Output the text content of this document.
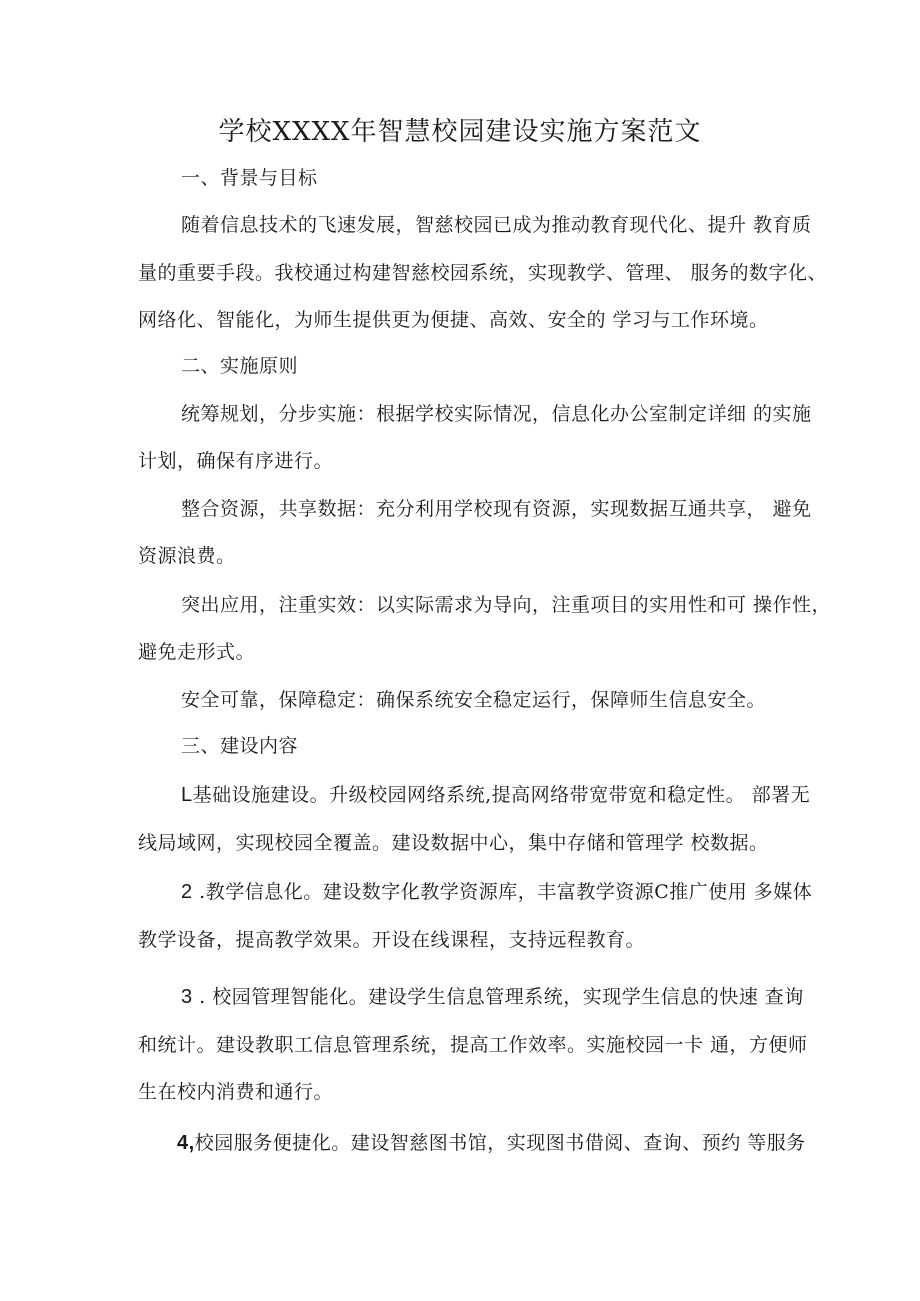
学校XXXX年智慧校园建设实施方案范文
一、背景与目标
随着信息技术的飞速发展，智慈校园已成为推动教育现代化、提升 教育质
量的重要手段。我校通过构建智慈校园系统，实现教学、管理、 服务的数字化、
网络化、智能化，为师生提供更为便捷、高效、安全的 学习与工作环境。
二、实施原则
统筹规划，分步实施：根据学校实际情况，信息化办公室制定详细 的实施
计划，确保有序进行。
整合资源，共享数据：充分利用学校现有资源，实现数据互通共享， 避免
资源浪费。
突出应用，注重实效：以实际需求为导向，注重项目的实用性和可 操作性，
避免走形式。
安全可靠，保障稳定：确保系统安全稳定运行，保障师生信息安全。
三、建设内容
L基础设施建设。升级校园网络系统,提高网络带宽带宽和稳定性。 部署无
线局域网，实现校园全覆盖。建设数据中心，集中存储和管理学 校数据。
2 .教学信息化。建设数字化教学资源库，丰富教学资源C推广使用 多媒体
教学设备，提高教学效果。开设在线课程，支持远程教育。
3 . 校园管理智能化。建设学生信息管理系统，实现学生信息的快速 查询
和统计。建设教职工信息管理系统，提高工作效率。实施校园一卡 通，方便师
生在校内消费和通行。
4,校园服务便捷化。建设智慈图书馆，实现图书借阅、查询、预约 等服务
